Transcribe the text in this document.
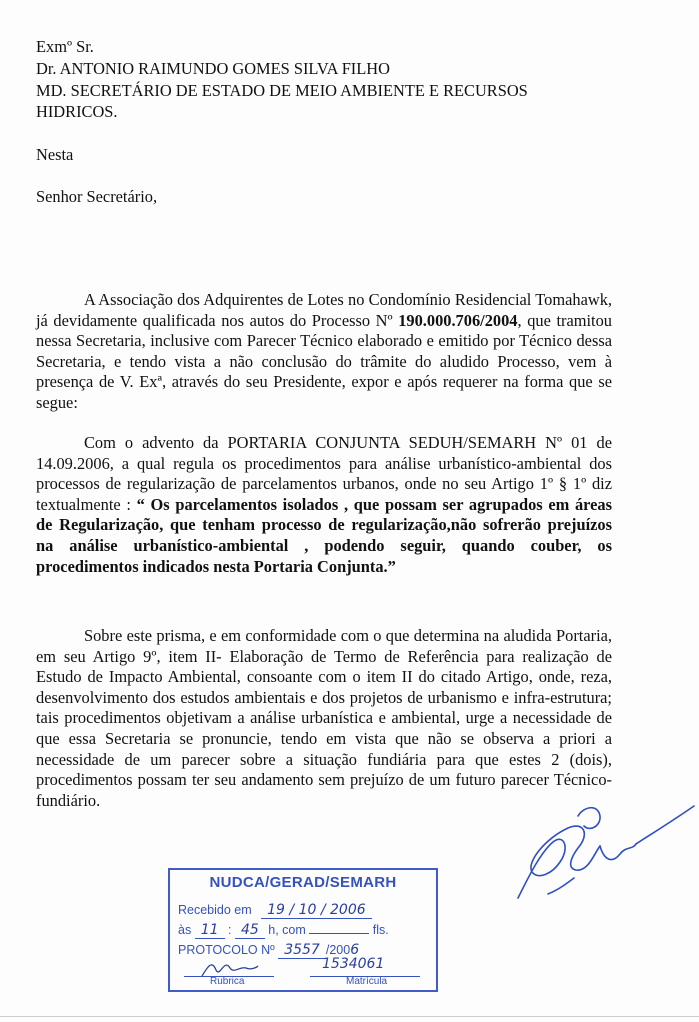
Exmº Sr.
Dr. ANTONIO RAIMUNDO GOMES SILVA FILHO
MD. SECRETÁRIO DE ESTADO DE MEIO AMBIENTE E RECURSOS
HIDRICOS.
Nesta
Senhor Secretário,

A Associação dos Adquirentes de Lotes no Condomínio Residencial Tomahawk, já devidamente qualificada nos autos do Processo Nº 190.000.706/2004, que tramitou nessa Secretaria, inclusive com Parecer Técnico elaborado e emitido por Técnico dessa Secretaria, e tendo vista a não conclusão do trâmite do aludido Processo, vem à presença de V. Exª, através do seu Presidente, expor e após requerer na forma que se segue:

Com o advento da PORTARIA CONJUNTA SEDUH/SEMARH Nº 01 de 14.09.2006, a qual regula os procedimentos para análise urbanístico-ambiental dos processos de regularização de parcelamentos urbanos, onde no seu Artigo 1º § 1º diz textualmente : “ Os parcelamentos isolados , que possam ser agrupados em áreas de Regularização, que tenham processo de regularização,não sofrerão prejuízos na análise urbanístico-ambiental , podendo seguir, quando couber, os procedimentos indicados nesta Portaria Conjunta.”

Sobre este prisma, e em conformidade com o que determina na aludida Portaria, em seu Artigo 9º, item II- Elaboração de Termo de Referência para realização de Estudo de Impacto Ambiental, consoante com o item II do citado Artigo, onde, reza, desenvolvimento dos estudos ambientais e dos projetos de urbanismo e infra-estrutura; tais procedimentos objetivam a análise urbanística e ambiental, urge a necessidade de que essa Secretaria se pronuncie, tendo em vista que não se observa a priori a necessidade de um parecer sobre a situação fundiária para que estes 2 (dois), procedimentos possam ter seu andamento sem prejuízo de um futuro parecer Técnico-fundiário.

NUDCA/GERAD/SEMARH
Recebido em 19 / 10 / 2006
às 11 : 45 h, com	fls.
PROTOCOLO Nº 3557 /2006
Rubrica
1534061
Matrícula
